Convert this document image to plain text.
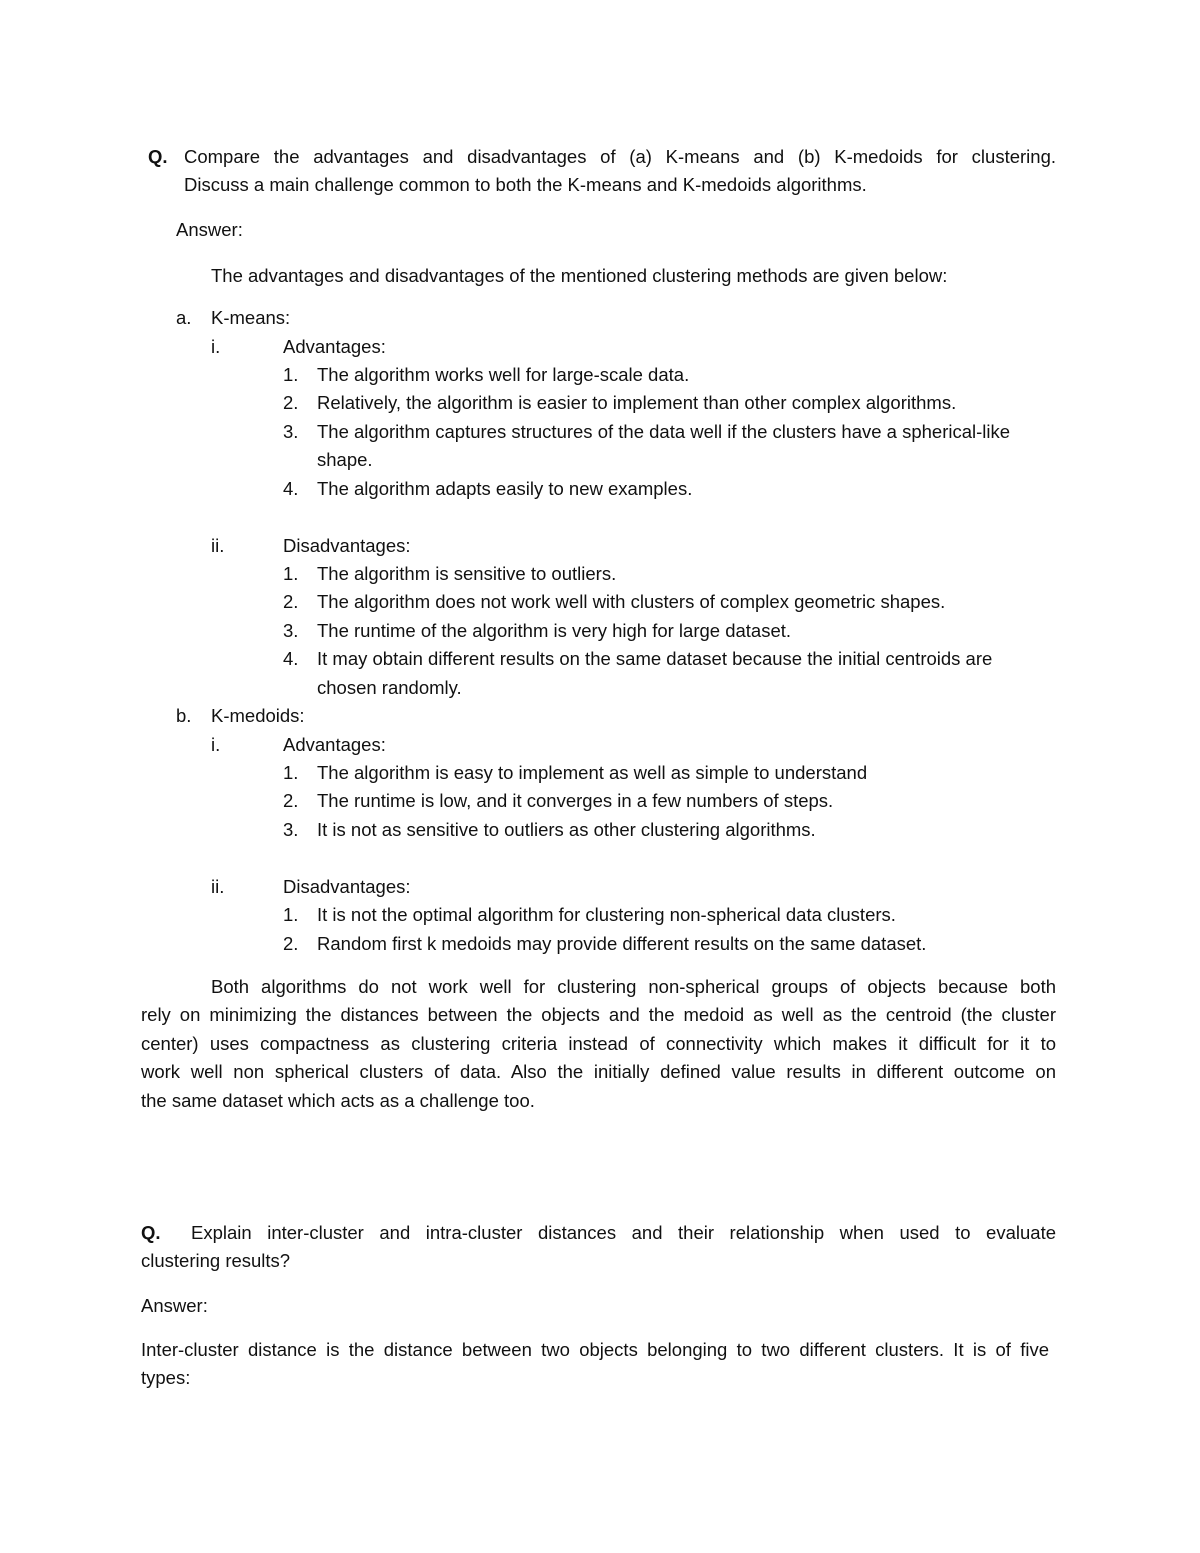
Q. Compare the advantages and disadvantages of (a) K-means and (b) K-medoids for clustering.
Discuss a main challenge common to both the K-means and K-medoids algorithms.
Answer:
The advantages and disadvantages of the mentioned clustering methods are given below:
a. K-means:
i.	Advantages:
1. The algorithm works well for large-scale data.
2. Relatively, the algorithm is easier to implement than other complex algorithms.
3. The algorithm captures structures of the data well if the clusters have a spherical-like
shape.
4. The algorithm adapts easily to new examples.
ii.	Disadvantages:
1. The algorithm is sensitive to outliers.
2. The algorithm does not work well with clusters of complex geometric shapes.
3. The runtime of the algorithm is very high for large dataset.
4. It may obtain different results on the same dataset because the initial centroids are
chosen randomly.
b. K-medoids:
i.	Advantages:
1. The algorithm is easy to implement as well as simple to understand
2. The runtime is low, and it converges in a few numbers of steps.
3. It is not as sensitive to outliers as other clustering algorithms.
ii.	Disadvantages:
1. It is not the optimal algorithm for clustering non-spherical data clusters.
2. Random first k medoids may provide different results on the same dataset.
Both algorithms do not work well for clustering non-spherical groups of objects because both
rely on minimizing the distances between the objects and the medoid as well as the centroid (the cluster
center) uses compactness as clustering criteria instead of connectivity which makes it difficult for it to
work well non spherical clusters of data. Also the initially defined value results in different outcome on
the same dataset which acts as a challenge too.
Q. Explain inter-cluster and intra-cluster distances and their relationship when used to evaluate
clustering results?
Answer:
Inter-cluster distance is the distance between two objects belonging to two different clusters. It is of five
types:
